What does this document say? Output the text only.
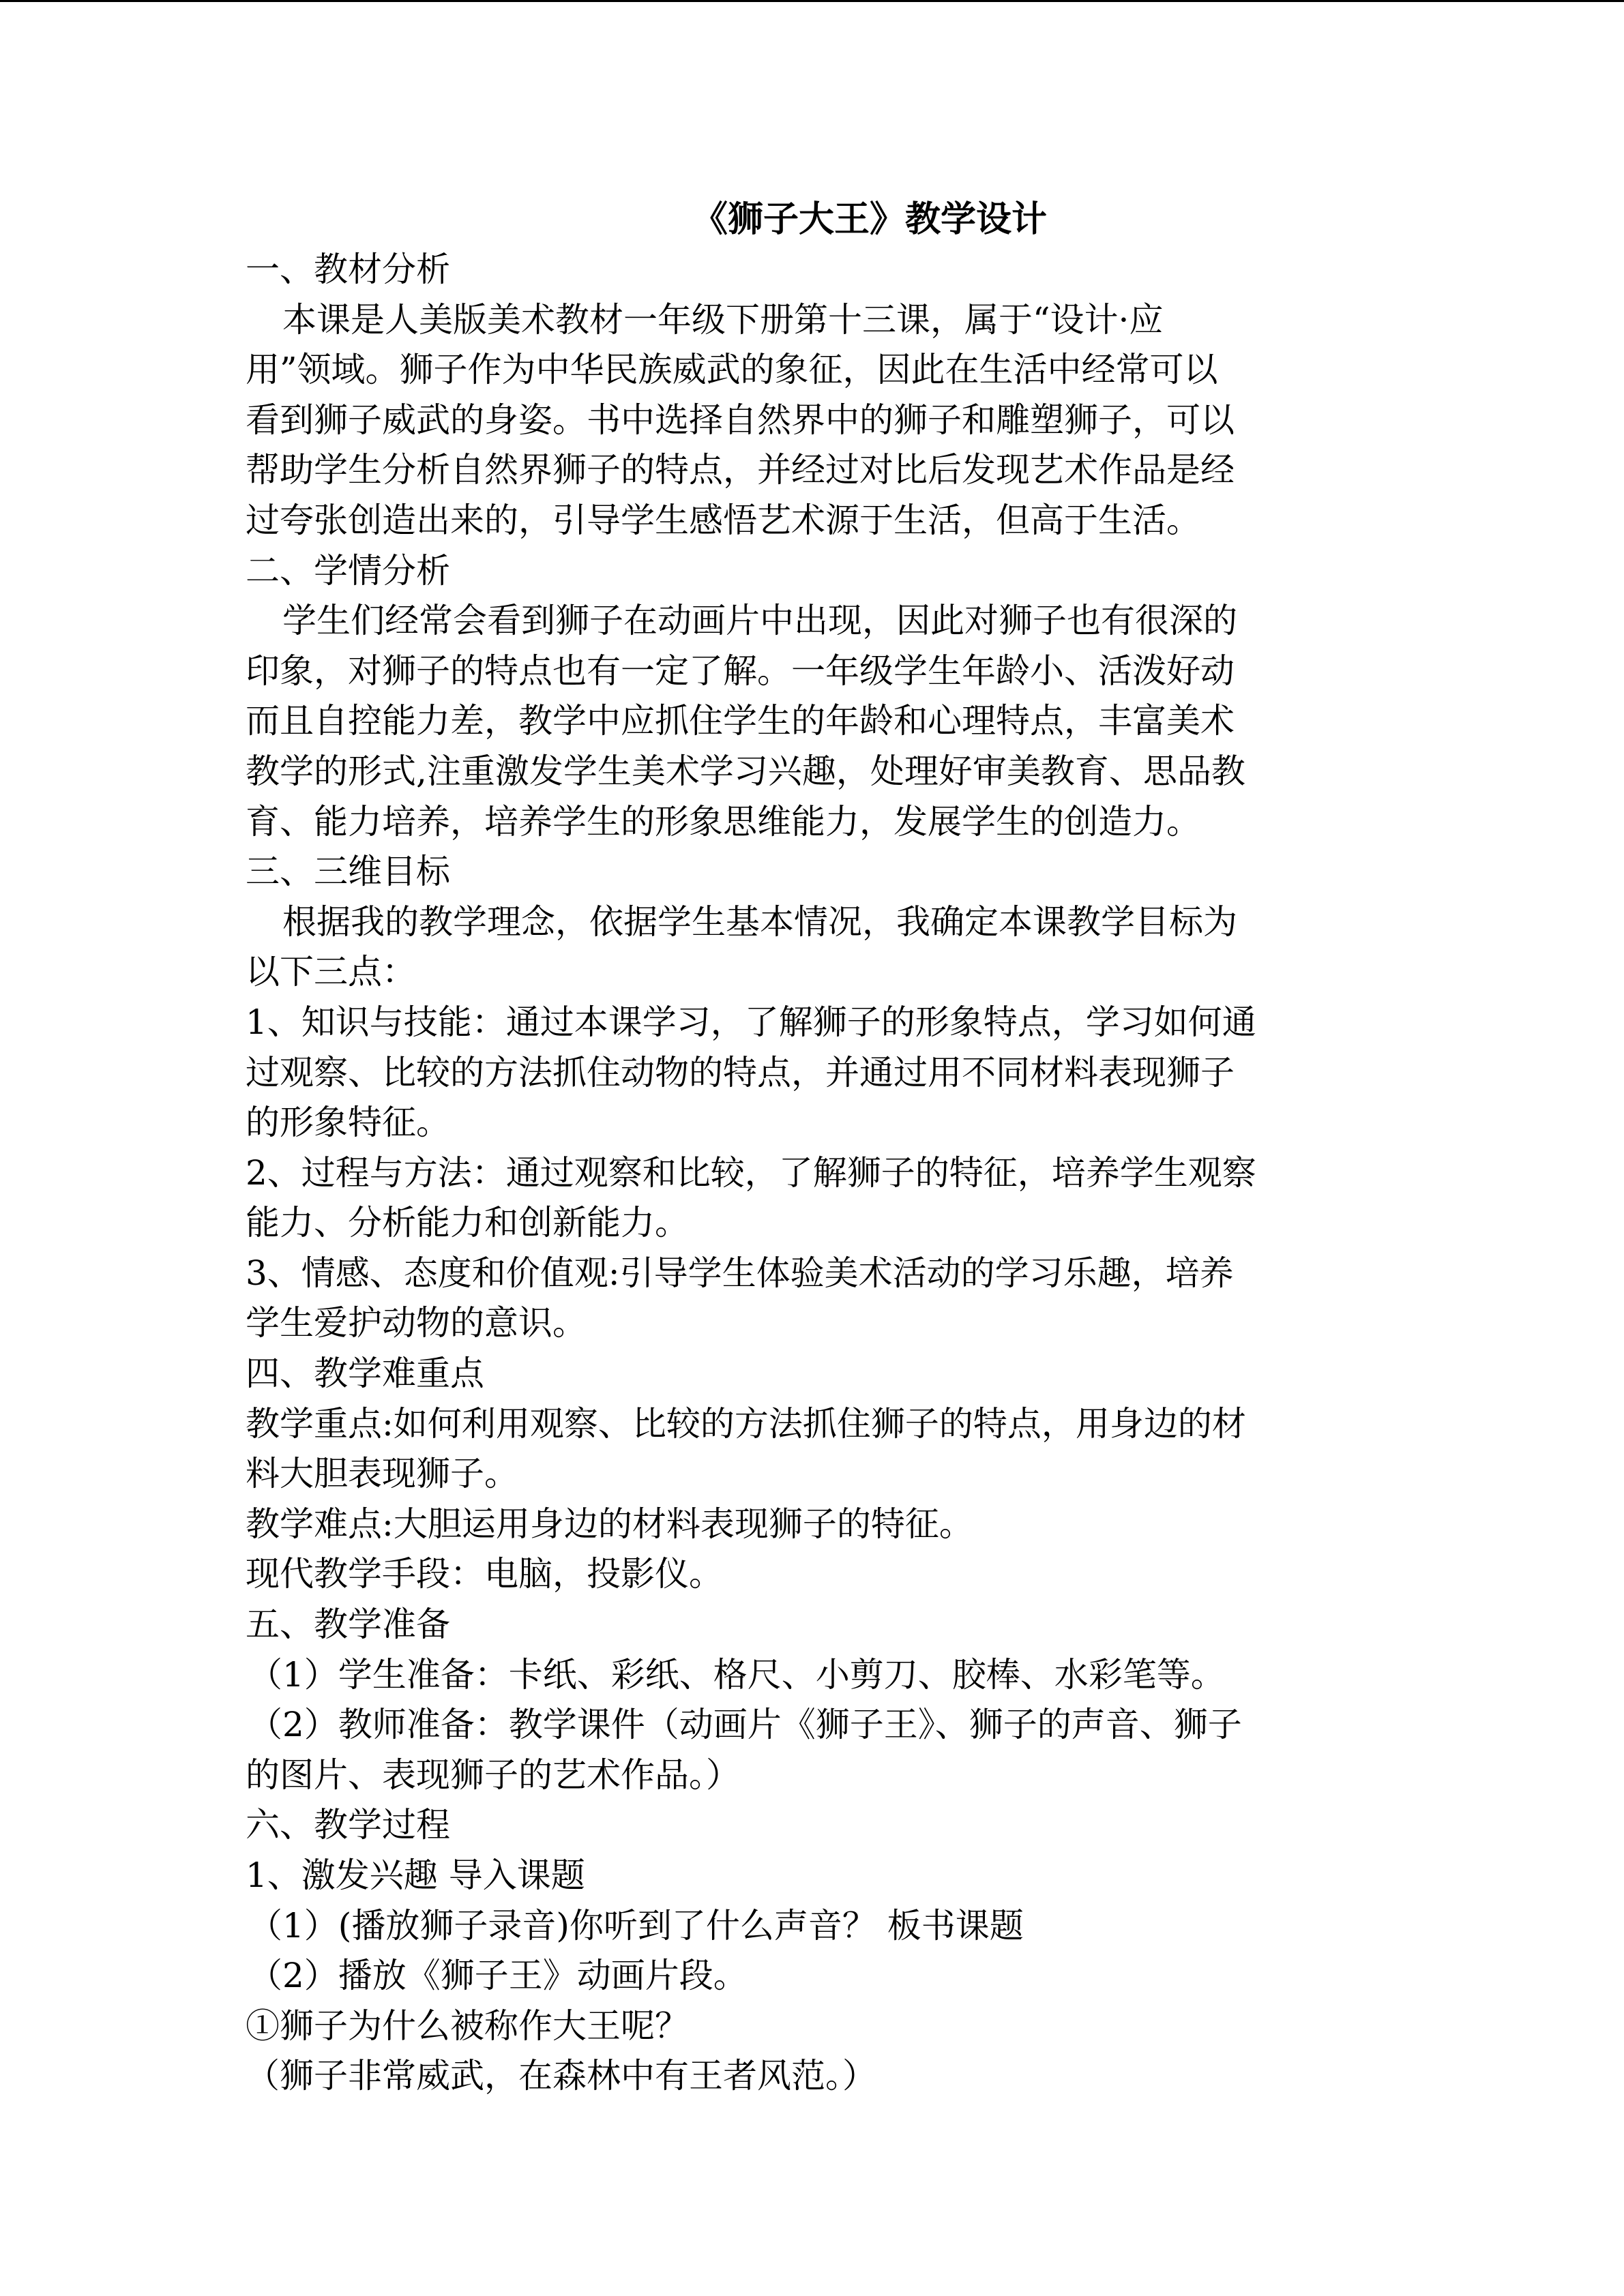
《狮子大王》教学设计

一、教材分析

本课是人美版美术教材一年级下册第十三课，属于“设计·应

用”领域。狮子作为中华民族威武的象征，因此在生活中经常可以

看到狮子威武的身姿。书中选择自然界中的狮子和雕塑狮子，可以

帮助学生分析自然界狮子的特点，并经过对比后发现艺术作品是经

过夸张创造出来的，引导学生感悟艺术源于生活，但高于生活。

二、学情分析

学生们经常会看到狮子在动画片中出现，因此对狮子也有很深的

印象，对狮子的特点也有一定了解。一年级学生年龄小、活泼好动

而且自控能力差，教学中应抓住学生的年龄和心理特点，丰富美术

教学的形式,注重激发学生美术学习兴趣，处理好审美教育、思品教

育、能力培养，培养学生的形象思维能力，发展学生的创造力。

三、三维目标

根据我的教学理念，依据学生基本情况，我确定本课教学目标为

以下三点：

1、知识与技能：通过本课学习，了解狮子的形象特点，学习如何通

过观察、比较的方法抓住动物的特点，并通过用不同材料表现狮子

的形象特征。

2、过程与方法：通过观察和比较，了解狮子的特征，培养学生观察

能力、分析能力和创新能力。

3、情感、态度和价值观:引导学生体验美术活动的学习乐趣，培养

学生爱护动物的意识。

四、教学难重点

教学重点:如何利用观察、比较的方法抓住狮子的特点，用身边的材

料大胆表现狮子。

教学难点:大胆运用身边的材料表现狮子的特征。

现代教学手段：电脑，投影仪。

五、教学准备

（1）学生准备：卡纸、彩纸、格尺、小剪刀、胶棒、水彩笔等。

（2）教师准备：教学课件（动画片《狮子王》、狮子的声音、狮子

的图片、表现狮子的艺术作品。）

六、教学过程

1、激发兴趣 导入课题

（1）(播放狮子录音)你听到了什么声音？ 板书课题

（2）播放《狮子王》动画片段。

①狮子为什么被称作大王呢？

（狮子非常威武，在森林中有王者风范。）
